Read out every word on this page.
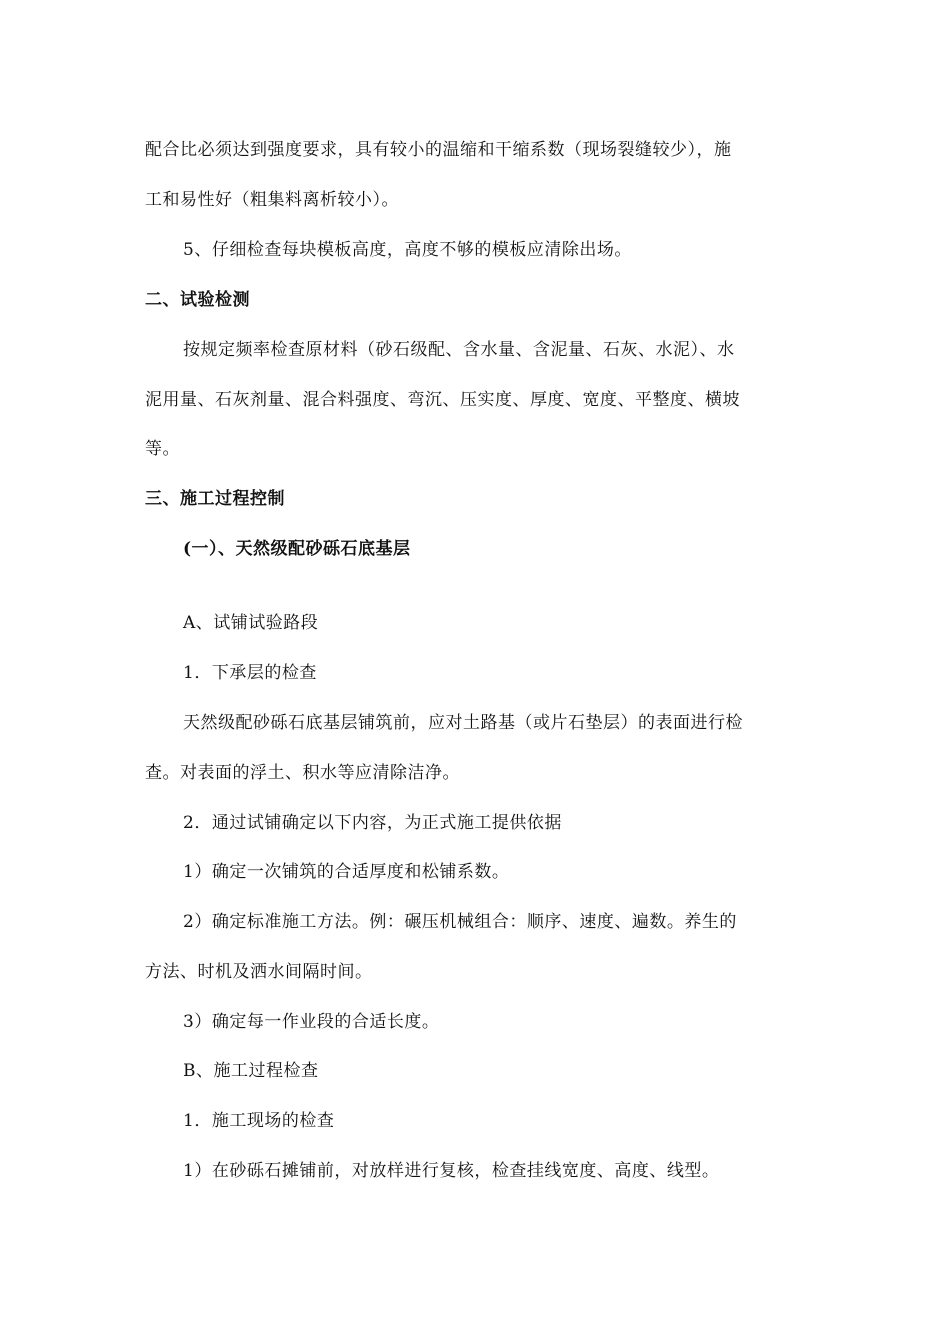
配合比必须达到强度要求，具有较小的温缩和干缩系数（现场裂缝较少），施
工和易性好（粗集料离析较小）。
5、仔细检查每块模板高度，高度不够的模板应清除出场。
二、试验检测
按规定频率检查原材料（砂石级配、含水量、含泥量、石灰、水泥）、水
泥用量、石灰剂量、混合料强度、弯沉、压实度、厚度、宽度、平整度、横坡
等。
三、施工过程控制
(一）、天然级配砂砾石底基层
A、试铺试验路段
1．下承层的检查
天然级配砂砾石底基层铺筑前，应对土路基（或片石垫层）的表面进行检
查。对表面的浮土、积水等应清除洁净。
2．通过试铺确定以下内容，为正式施工提供依据
1）确定一次铺筑的合适厚度和松铺系数。
2）确定标准施工方法。例：碾压机械组合：顺序、速度、遍数。养生的
方法、时机及洒水间隔时间。
3）确定每一作业段的合适长度。
B、施工过程检查
1．施工现场的检查
1）在砂砾石摊铺前，对放样进行复核，检查挂线宽度、高度、线型。
